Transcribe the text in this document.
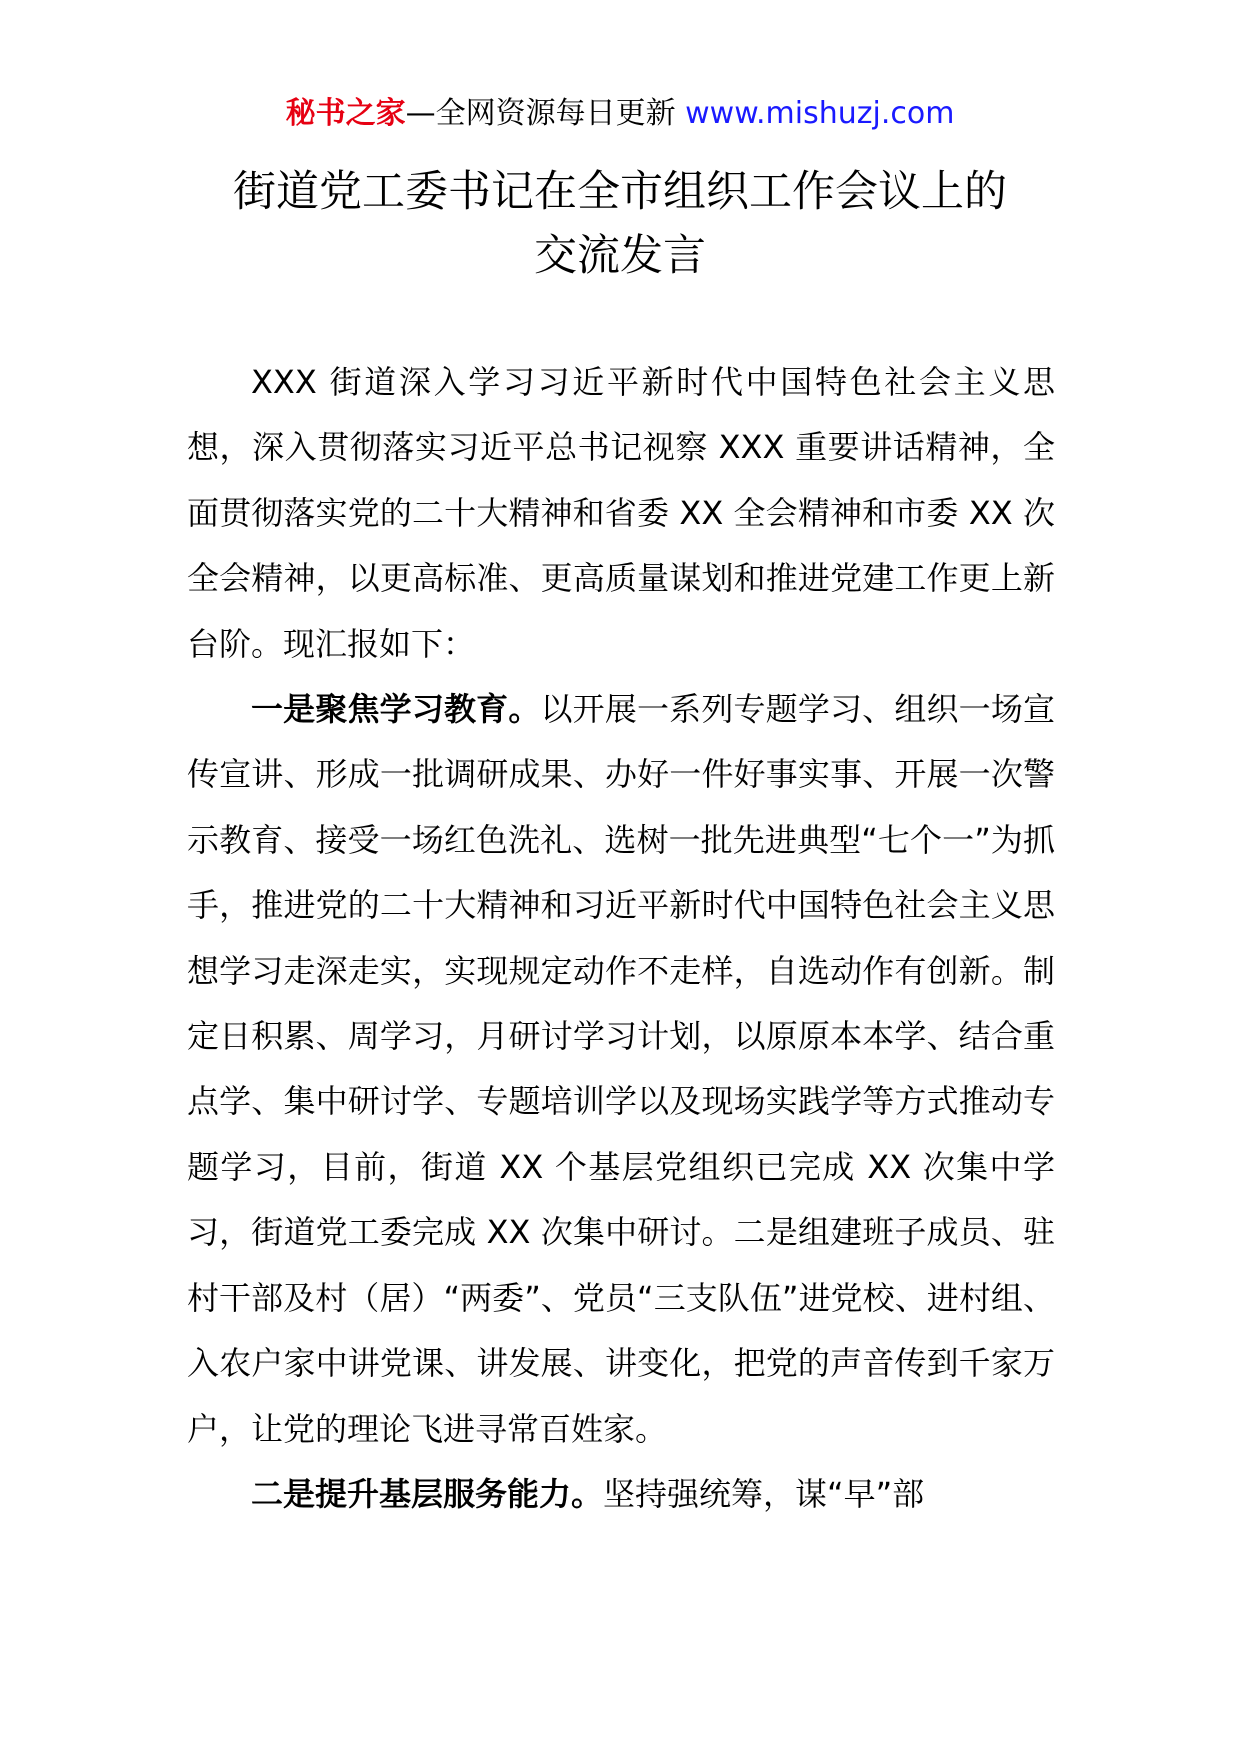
秘书之家—全网资源每日更新 www.mishuzj.com
街道党工委书记在全市组织工作会议上的
交流发言

XXX 街道深入学习习近平新时代中国特色社会主义思想，深入贯彻落实习近平总书记视察 XXX 重要讲话精神，全面贯彻落实党的二十大精神和省委 XX 全会精神和市委 XX 次全会精神，以更高标准、更高质量谋划和推进党建工作更上新台阶。现汇报如下：

一是聚焦学习教育。以开展一系列专题学习、组织一场宣传宣讲、形成一批调研成果、办好一件好事实事、开展一次警示教育、接受一场红色洗礼、选树一批先进典型“七个一”为抓手，推进党的二十大精神和习近平新时代中国特色社会主义思想学习走深走实，实现规定动作不走样，自选动作有创新。制定日积累、周学习，月研讨学习计划，以原原本本学、结合重点学、集中研讨学、专题培训学以及现场实践学等方式推动专题学习，目前，街道 XX 个基层党组织已完成 XX 次集中学习，街道党工委完成 XX 次集中研讨。二是组建班子成员、驻村干部及村（居）“两委”、党员“三支队伍”进党校、进村组、入农户家中讲党课、讲发展、讲变化，把党的声音传到千家万户，让党的理论飞进寻常百姓家。

二是提升基层服务能力。坚持强统筹，谋“早”部
